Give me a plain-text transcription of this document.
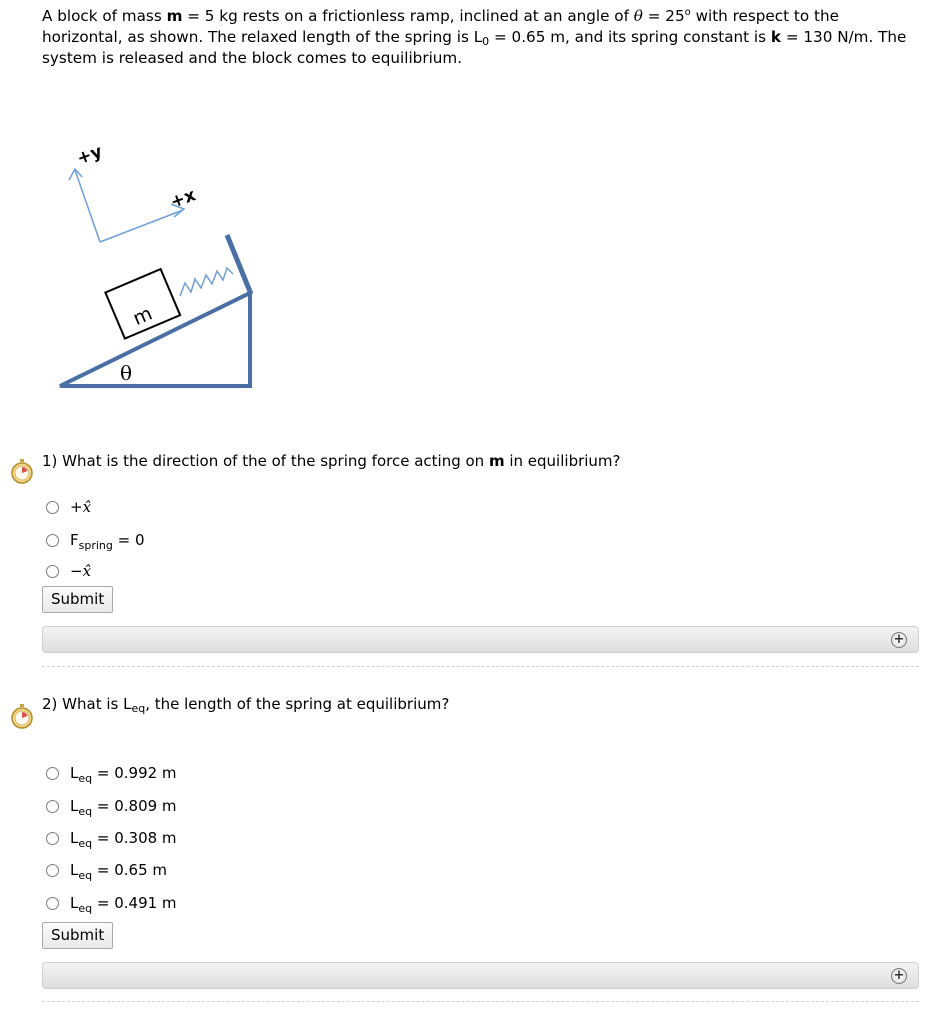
A block of mass m = 5 kg rests on a frictionless ramp, inclined at an angle of $\theta = 25^o$ with respect to the horizontal, as shown. The relaxed length of the spring is $L_0 = 0.65$ m, and its spring constant is k = 130 N/m. The system is released and the block comes to equilibrium.
+y
+x
m
θ
1) What is the direction of the of the spring force acting on m in equilibrium?
+x̂
$F_{spring} = 0$
−x̂
Submit
+
2) What is $L_{eq}$, the length of the spring at equilibrium?
$L_{eq} = 0.992$ m
$L_{eq} = 0.809$ m
$L_{eq} = 0.308$ m
$L_{eq} = 0.65$ m
$L_{eq} = 0.491$ m
Submit
+
